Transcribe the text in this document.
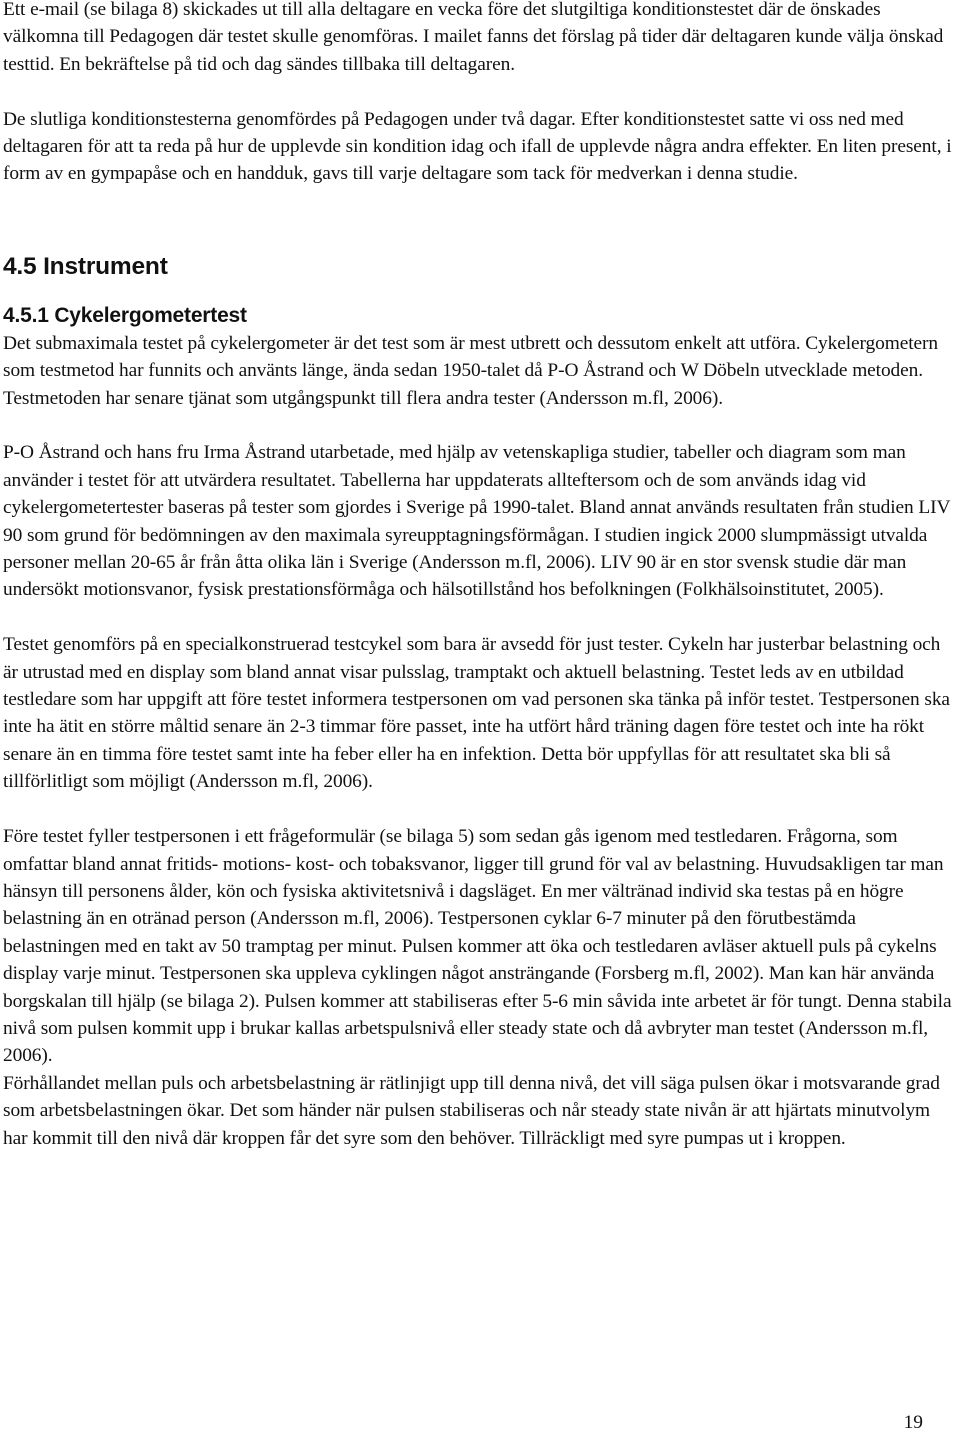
Ett e-mail (se bilaga 8) skickades ut till alla deltagare en vecka före det slutgiltiga konditionstestet där de önskades välkomna till Pedagogen där testet skulle genomföras. I mailet fanns det förslag på tider där deltagaren kunde välja önskad testtid. En bekräftelse på tid och dag sändes tillbaka till deltagaren.

De slutliga konditionstesterna genomfördes på Pedagogen under två dagar. Efter konditionstestet satte vi oss ned med deltagaren för att ta reda på hur de upplevde sin kondition idag och ifall de upplevde några andra effekter. En liten present, i form av en gympapåse och en handduk, gavs till varje deltagare som tack för medverkan i denna studie.

4.5 Instrument
4.5.1 Cykelergometertest

Det submaximala testet på cykelergometer är det test som är mest utbrett och dessutom enkelt att utföra. Cykelergometern som testmetod har funnits och använts länge, ända sedan 1950-talet då P-O Åstrand och W Döbeln utvecklade metoden. Testmetoden har senare tjänat som utgångspunkt till flera andra tester (Andersson m.fl, 2006).

P-O Åstrand och hans fru Irma Åstrand utarbetade, med hjälp av vetenskapliga studier, tabeller och diagram som man använder i testet för att utvärdera resultatet. Tabellerna har uppdaterats allteftersom och de som används idag vid cykelergometertester baseras på tester som gjordes i Sverige på 1990-talet. Bland annat används resultaten från studien LIV 90 som grund för bedömningen av den maximala syreupptagningsförmågan. I studien ingick 2000 slumpmässigt utvalda personer mellan 20-65 år från åtta olika län i Sverige (Andersson m.fl, 2006). LIV 90 är en stor svensk studie där man undersökt motionsvanor, fysisk prestationsförmåga och hälsotillstånd hos befolkningen (Folkhälsoinstitutet, 2005).

Testet genomförs på en specialkonstruerad testcykel som bara är avsedd för just tester. Cykeln har justerbar belastning och är utrustad med en display som bland annat visar pulsslag, tramptakt och aktuell belastning. Testet leds av en utbildad testledare som har uppgift att före testet informera testpersonen om vad personen ska tänka på inför testet. Testpersonen ska inte ha ätit en större måltid senare än 2-3 timmar före passet, inte ha utfört hård träning dagen före testet och inte ha rökt senare än en timma före testet samt inte ha feber eller ha en infektion. Detta bör uppfyllas för att resultatet ska bli så tillförlitligt som möjligt (Andersson m.fl, 2006).

Före testet fyller testpersonen i ett frågeformulär (se bilaga 5) som sedan gås igenom med testledaren. Frågorna, som omfattar bland annat fritids- motions- kost- och tobaksvanor, ligger till grund för val av belastning. Huvudsakligen tar man hänsyn till personens ålder, kön och fysiska aktivitetsnivå i dagsläget. En mer vältränad individ ska testas på en högre belastning än en otränad person (Andersson m.fl, 2006). Testpersonen cyklar 6-7 minuter på den förutbestämda belastningen med en takt av 50 tramptag per minut. Pulsen kommer att öka och testledaren avläser aktuell puls på cykelns display varje minut. Testpersonen ska uppleva cyklingen något ansträngande (Forsberg m.fl, 2002). Man kan här använda borgskalan till hjälp (se bilaga 2). Pulsen kommer att stabiliseras efter 5-6 min såvida inte arbetet är för tungt. Denna stabila nivå som pulsen kommit upp i brukar kallas arbetspulsnivå eller steady state och då avbryter man testet (Andersson m.fl, 2006).

Förhållandet mellan puls och arbetsbelastning är rätlinjigt upp till denna nivå, det vill säga pulsen ökar i motsvarande grad som arbetsbelastningen ökar. Det som händer när pulsen stabiliseras och når steady state nivån är att hjärtats minutvolym har kommit till den nivå där kroppen får det syre som den behöver. Tillräckligt med syre pumpas ut i kroppen.

19
